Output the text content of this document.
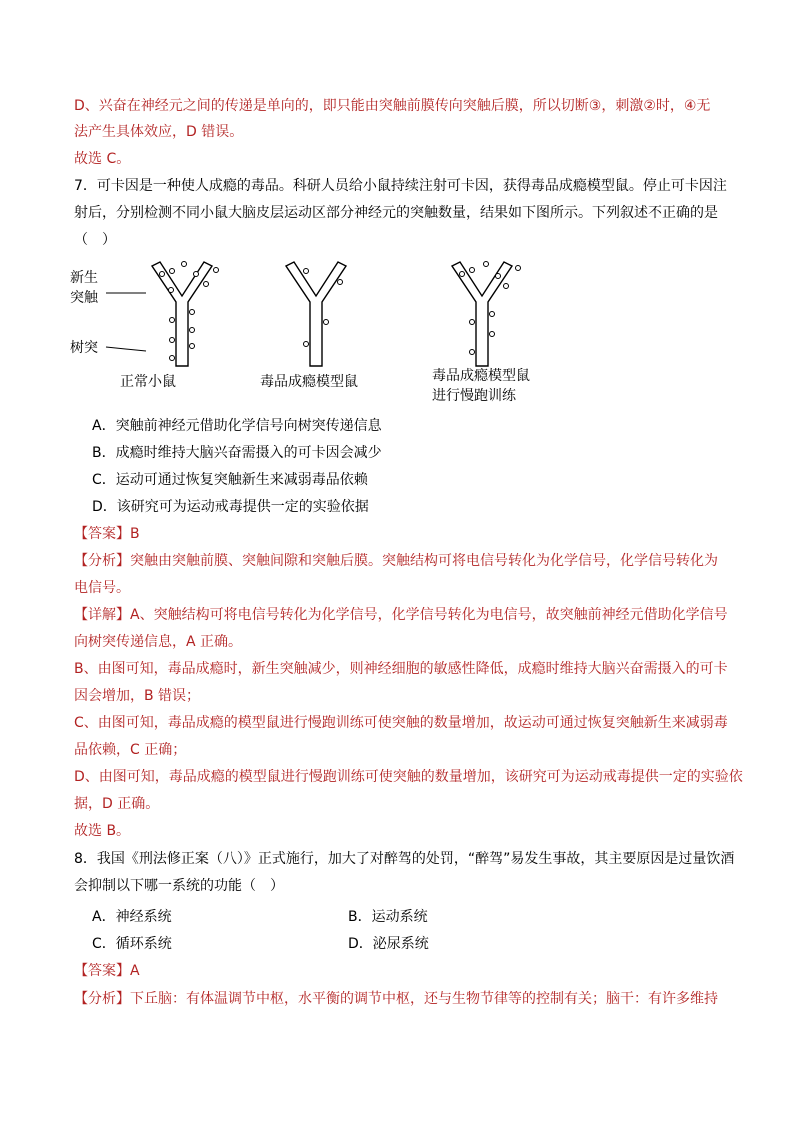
D、兴奋在神经元之间的传递是单向的，即只能由突触前膜传向突触后膜，所以切断③，刺激②时，④无
法产生具体效应，D 错误。
故选 C。
7．可卡因是一种使人成瘾的毒品。科研人员给小鼠持续注射可卡因，获得毒品成瘾模型鼠。停止可卡因注
射后，分别检测不同小鼠大脑皮层运动区部分神经元的突触数量，结果如下图所示。下列叙述不正确的是
（　）
新生
突触
树突
正常小鼠	毒品成瘾模型鼠	毒品成瘾模型鼠
进行慢跑训练
A．突触前神经元借助化学信号向树突传递信息
B．成瘾时维持大脑兴奋需摄入的可卡因会减少
C．运动可通过恢复突触新生来减弱毒品依赖
D．该研究可为运动戒毒提供一定的实验依据
【答案】B
【分析】突触由突触前膜、突触间隙和突触后膜。突触结构可将电信号转化为化学信号，化学信号转化为
电信号。
【详解】A、突触结构可将电信号转化为化学信号，化学信号转化为电信号，故突触前神经元借助化学信号
向树突传递信息，A 正确。
B、由图可知，毒品成瘾时，新生突触减少，则神经细胞的敏感性降低，成瘾时维持大脑兴奋需摄入的可卡
因会增加，B 错误；
C、由图可知，毒品成瘾的模型鼠进行慢跑训练可使突触的数量增加，故运动可通过恢复突触新生来减弱毒
品依赖，C 正确；
D、由图可知，毒品成瘾的模型鼠进行慢跑训练可使突触的数量增加，该研究可为运动戒毒提供一定的实验依
据，D 正确。
故选 B。
8．我国《刑法修正案（八）》正式施行，加大了对醉驾的处罚，“醉驾”易发生事故，其主要原因是过量饮酒
会抑制以下哪一系统的功能（　）
A．神经系统	B．运动系统
C．循环系统	D．泌尿系统
【答案】A
【分析】下丘脑：有体温调节中枢，水平衡的调节中枢，还与生物节律等的控制有关；脑干：有许多维持
